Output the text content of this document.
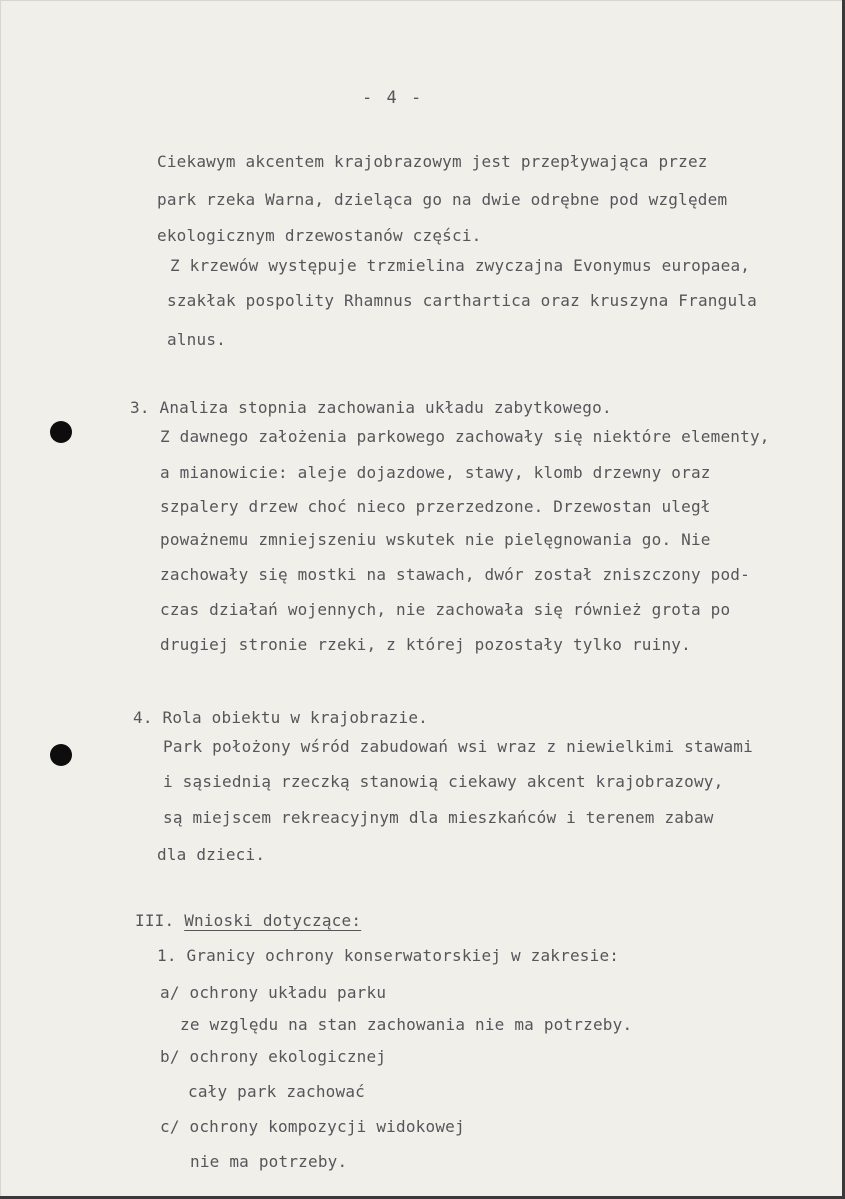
- 4 -
Ciekawym akcentem krajobrazowym jest przepływająca przez
park rzeka Warna, dzieląca go na dwie odrębne pod względem
ekologicznym drzewostanów części.
Z krzewów występuje trzmielina zwyczajna Evonymus europaea,
szakłak pospolity Rhamnus carthartica oraz kruszyna Frangula
alnus.
3. Analiza stopnia zachowania układu zabytkowego.
Z dawnego założenia parkowego zachowały się niektóre elementy,
a mianowicie: aleje dojazdowe, stawy, klomb drzewny oraz
szpalery drzew choć nieco przerzedzone. Drzewostan uległ
poważnemu zmniejszeniu wskutek nie pielęgnowania go. Nie
zachowały się mostki na stawach, dwór został zniszczony pod-
czas działań wojennych, nie zachowała się również grota po
drugiej stronie rzeki, z której pozostały tylko ruiny.
4. Rola obiektu w krajobrazie.
Park położony wśród zabudowań wsi wraz z niewielkimi stawami
i sąsiednią rzeczką stanowią ciekawy akcent krajobrazowy,
są miejscem rekreacyjnym dla mieszkańców i terenem zabaw
dla dzieci.
III. Wnioski dotyczące:
1. Granicy ochrony konserwatorskiej w zakresie:
a/ ochrony układu parku
ze względu na stan zachowania nie ma potrzeby.
b/ ochrony ekologicznej
cały park zachować
c/ ochrony kompozycji widokowej
nie ma potrzeby.
